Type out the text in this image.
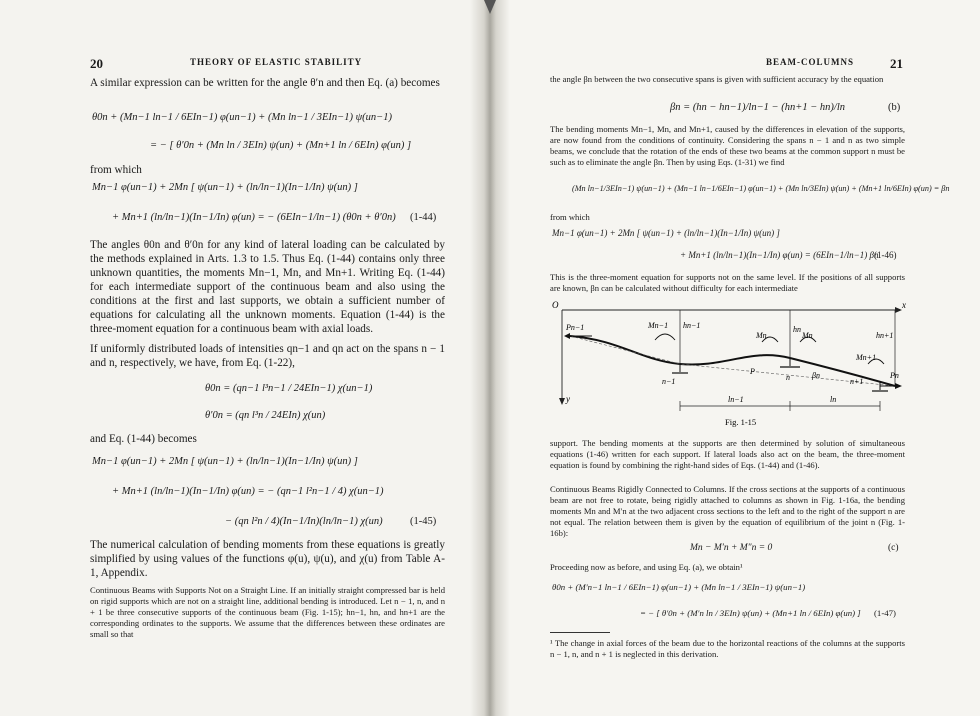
20	THEORY OF ELASTIC STABILITY
A similar expression can be written for the angle θ′n and then Eq. (a) becomes
θ0n + (Mn−1 ln−1 / 6EIn−1) φ(un−1) + (Mn ln−1 / 3EIn−1) ψ(un−1)
= − [ θ′0n + (Mn ln / 3EIn) ψ(un) + (Mn+1 ln / 6EIn) φ(un) ]
from which
Mn−1 φ(un−1) + 2Mn [ ψ(un−1) + (ln/ln−1)(In−1/In) ψ(un) ]
+ Mn+1 (ln/ln−1)(In−1/In) φ(un) = − (6EIn−1/ln−1) (θ0n + θ′0n) (1-44)
The angles θ0n and θ′0n for any kind of lateral loading can be calculated by the methods explained in Arts. 1.3 to 1.5. Thus Eq. (1-44) contains only three unknown quantities, the moments Mn−1, Mn, and Mn+1. Writing Eq. (1-44) for each intermediate support of the continuous beam and also using the conditions at the first and last supports, we obtain a sufficient number of equations for calculating all the unknown moments. Equation (1-44) is the three-moment equation for a continuous beam with axial loads.
If uniformly distributed loads of intensities qn−1 and qn act on the spans n − 1 and n, respectively, we have, from Eq. (1-22),
θ0n = (qn−1 l³n−1 / 24EIn−1) χ(un−1)
θ′0n = (qn l³n / 24EIn) χ(un)
and Eq. (1-44) becomes
Mn−1 φ(un−1) + 2Mn [ ψ(un−1) + (ln/ln−1)(In−1/In) ψ(un) ]
+ Mn+1 (ln/ln−1)(In−1/In) φ(un) = − (qn−1 l²n−1 / 4) χ(un−1)
− (qn l²n / 4)(In−1/In)(ln/ln−1) χ(un)	(1-45)
The numerical calculation of bending moments from these equations is greatly simplified by using values of the functions φ(u), ψ(u), and χ(u) from Table A-1, Appendix.
Continuous Beams with Supports Not on a Straight Line. If an initially straight compressed bar is held on rigid supports which are not on a straight line, additional bending is introduced. Let n − 1, n, and n + 1 be three consecutive supports of the continuous beam (Fig. 1-15); hn−1, hn, and hn+1 are the corresponding ordinates to the supports. We assume that the differences between these ordinates are small so that
BEAM-COLUMNS	21
the angle βn between the two consecutive spans is given with sufficient accuracy by the equation
βn = (hn − hn−1)/ln−1 − (hn+1 − hn)/ln	(b)
The bending moments Mn−1, Mn, and Mn+1, caused by the differences in elevation of the supports, are now found from the conditions of continuity. Considering the spans n − 1 and n as two simple beams, we conclude that the rotation of the ends of these two beams at the common support n must be such as to eliminate the angle βn. Then by using Eqs. (1-31) we find
(Mn ln−1/3EIn−1) ψ(un−1) + (Mn−1 ln−1/6EIn−1) φ(un−1) + (Mn ln/3EIn) ψ(un) + (Mn+1 ln/6EIn) φ(un) = βn
from which
Mn−1 φ(un−1) + 2Mn [ ψ(un−1) + (ln/ln−1)(In−1/In) ψ(un) ]
+ Mn+1 (ln/ln−1)(In−1/In) φ(un) = (6EIn−1/ln−1) βn
(1-46)
This is the three-moment equation for supports not on the same level. If the positions of all supports are known, βn can be calculated without difficulty for each intermediate
O	x
y
Pn−1	Mn−1 hn−1
Mn	Mn
hn
hn+1
Mn+1
n−1
P
n	βn
n+1
Pn
ln−1	ln
Fig. 1-15
support. The bending moments at the supports are then determined by solution of simultaneous equations (1-46) written for each support. If lateral loads also act on the beam, the three-moment equation is found by combining the right-hand sides of Eqs. (1-44) and (1-46).
Continuous Beams Rigidly Connected to Columns. If the cross sections at the supports of a continuous beam are not free to rotate, being rigidly attached to columns as shown in Fig. 1-16a, the bending moments Mn and M′n at the two adjacent cross sections to the left and to the right of the support n are not equal. The relation between them is given by the equation of equilibrium of the joint n (Fig. 1-16b):
Mn − M′n + M″n = 0	(c)
Proceeding now as before, and using Eq. (a), we obtain¹
θ0n + (M′n−1 ln−1 / 6EIn−1) φ(un−1) + (Mn ln−1 / 3EIn−1) ψ(un−1)
= − [ θ′0n + (M′n ln / 3EIn) ψ(un) + (Mn+1 ln / 6EIn) φ(un) ] (1-47)
¹ The change in axial forces of the beam due to the horizontal reactions of the columns at the supports n − 1, n, and n + 1 is neglected in this derivation.
